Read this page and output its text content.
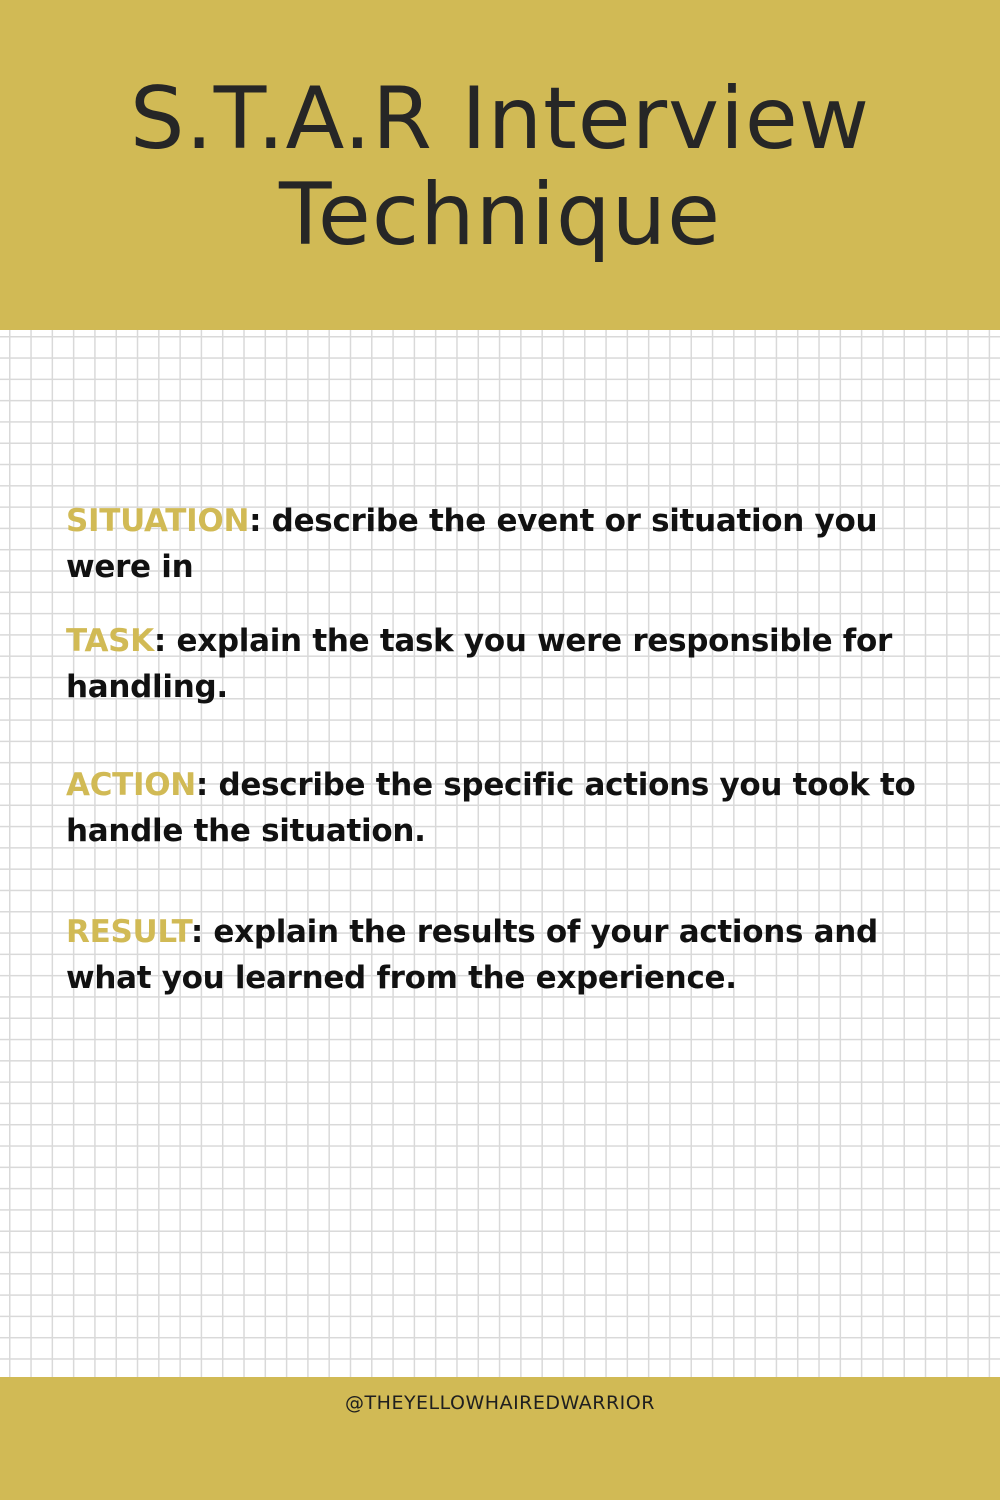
S.T.A.R Interview Technique

SITUATION: describe the event or situation you were in

TASK: explain the task you were responsible for handling.

ACTION: describe the specific actions you took to handle the situation.

RESULT: explain the results of your actions and what you learned from the experience.

@THEYELLOWHAIREDWARRIOR
